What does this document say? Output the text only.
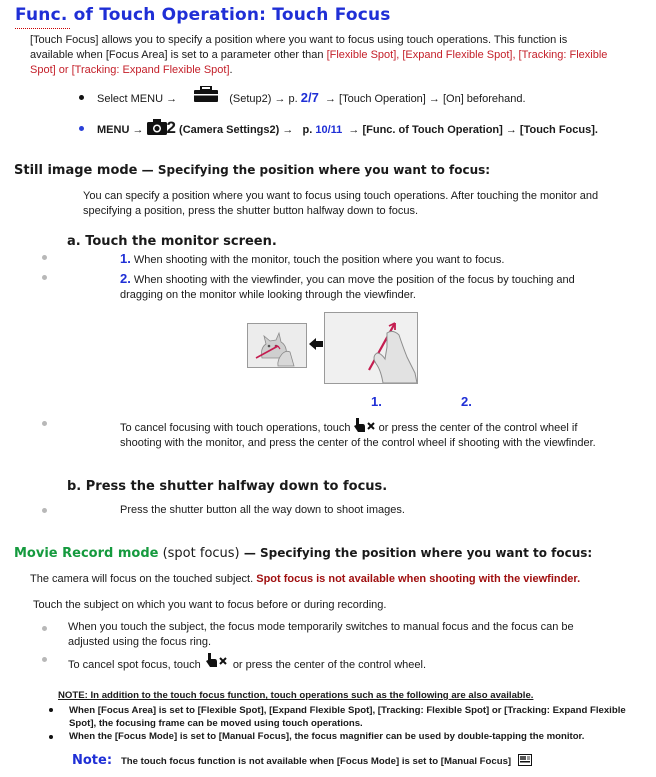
Func. of Touch Operation: Touch Focus
[Touch Focus] allows you to specify a position where you want to focus using touch operations. This function is
available when [Focus Area] is set to a parameter other than [Flexible Spot], [Expand Flexible Spot], [Tracking: Flexible
Spot] or [Tracking: Expand Flexible Spot].
Select MENU →	(Setup2) → p. 2/7 → [Touch Operation] → [On] beforehand.
MENU → 2 (Camera Settings2) → p. 10/11 → [Func. of Touch Operation] → [Touch Focus].
Still image mode — Specifying the position where you want to focus:
You can specify a position where you want to focus using touch operations. After touching the monitor and
specifying a position, press the shutter button halfway down to focus.
a. Touch the monitor screen.
1. When shooting with the monitor, touch the position where you want to focus.
2. When shooting with the viewfinder, you can move the position of the focus by touching and
dragging on the monitor while looking through the viewfinder.
1.	2.
To cancel focusing with touch operations, touch	or press the center of the control wheel if
shooting with the monitor, and press the center of the control wheel if shooting with the viewfinder.
b. Press the shutter halfway down to focus.
Press the shutter button all the way down to shoot images.
Movie Record mode (spot focus) — Specifying the position where you want to focus:
The camera will focus on the touched subject. Spot focus is not available when shooting with the viewfinder.
Touch the subject on which you want to focus before or during recording.
When you touch the subject, the focus mode temporarily switches to manual focus and the focus can be
adjusted using the focus ring.
To cancel spot focus, touch	or press the center of the control wheel.
NOTE: In addition to the touch focus function, touch operations such as the following are also available.
When [Focus Area] is set to [Flexible Spot], [Expand Flexible Spot], [Tracking: Flexible Spot] or [Tracking: Expand Flexible
Spot], the focusing frame can be moved using touch operations.
When the [Focus Mode] is set to [Manual Focus], the focus magnifier can be used by double-tapping the monitor.
Note: The touch focus function is not available when [Focus Mode] is set to [Manual Focus]
